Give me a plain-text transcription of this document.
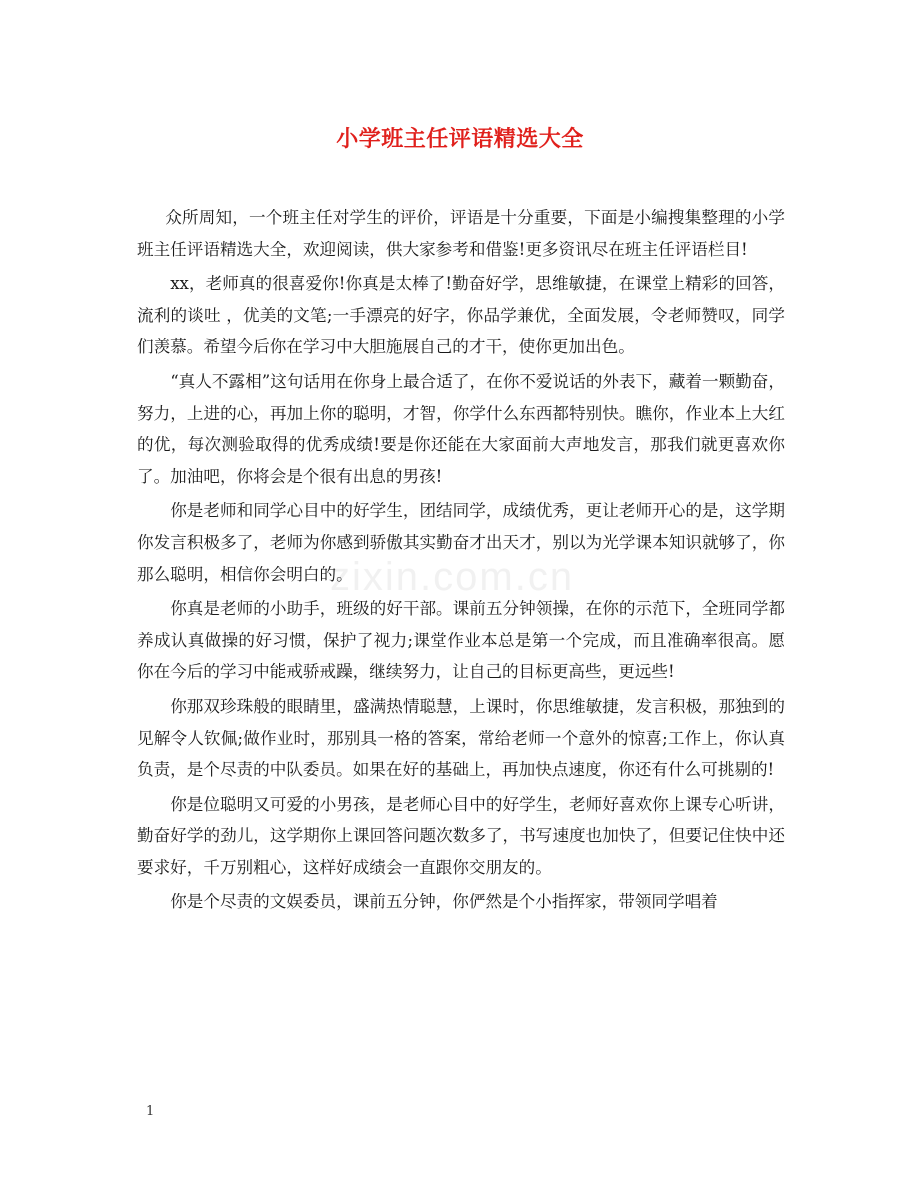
小学班主任评语精选大全
zixin.com.cn

众所周知，一个班主任对学生的评价，评语是十分重要，下面是小编搜集整理的小学班主任评语精选大全，欢迎阅读，供大家参考和借鉴!更多资讯尽在班主任评语栏目!

xx，老师真的很喜爱你!你真是太棒了!勤奋好学，思维敏捷，在课堂上精彩的回答，流利的谈吐 ，优美的文笔;一手漂亮的好字，你品学兼优，全面发展，令老师赞叹，同学们羡慕。希望今后你在学习中大胆施展自己的才干，使你更加出色。

“真人不露相”这句话用在你身上最合适了，在你不爱说话的外表下，藏着一颗勤奋，努力，上进的心，再加上你的聪明，才智，你学什么东西都特别快。瞧你，作业本上大红的优，每次测验取得的优秀成绩!要是你还能在大家面前大声地发言，那我们就更喜欢你了。加油吧，你将会是个很有出息的男孩!

你是老师和同学心目中的好学生，团结同学，成绩优秀，更让老师开心的是，这学期你发言积极多了，老师为你感到骄傲其实勤奋才出天才，别以为光学课本知识就够了，你那么聪明，相信你会明白的。

你真是老师的小助手，班级的好干部。课前五分钟领操，在你的示范下，全班同学都养成认真做操的好习惯，保护了视力;课堂作业本总是第一个完成，而且准确率很高。愿你在今后的学习中能戒骄戒躁，继续努力，让自己的目标更高些，更远些!

你那双珍珠般的眼睛里，盛满热情聪慧，上课时，你思维敏捷，发言积极，那独到的见解令人钦佩;做作业时，那别具一格的答案，常给老师一个意外的惊喜;工作上，你认真负责，是个尽责的中队委员。如果在好的基础上，再加快点速度，你还有什么可挑剔的!

你是位聪明又可爱的小男孩，是老师心目中的好学生，老师好喜欢你上课专心听讲，勤奋好学的劲儿，这学期你上课回答问题次数多了，书写速度也加快了，但要记住快中还要求好，千万别粗心，这样好成绩会一直跟你交朋友的。

你是个尽责的文娱委员，课前五分钟，你俨然是个小指挥家，带领同学唱着

1
